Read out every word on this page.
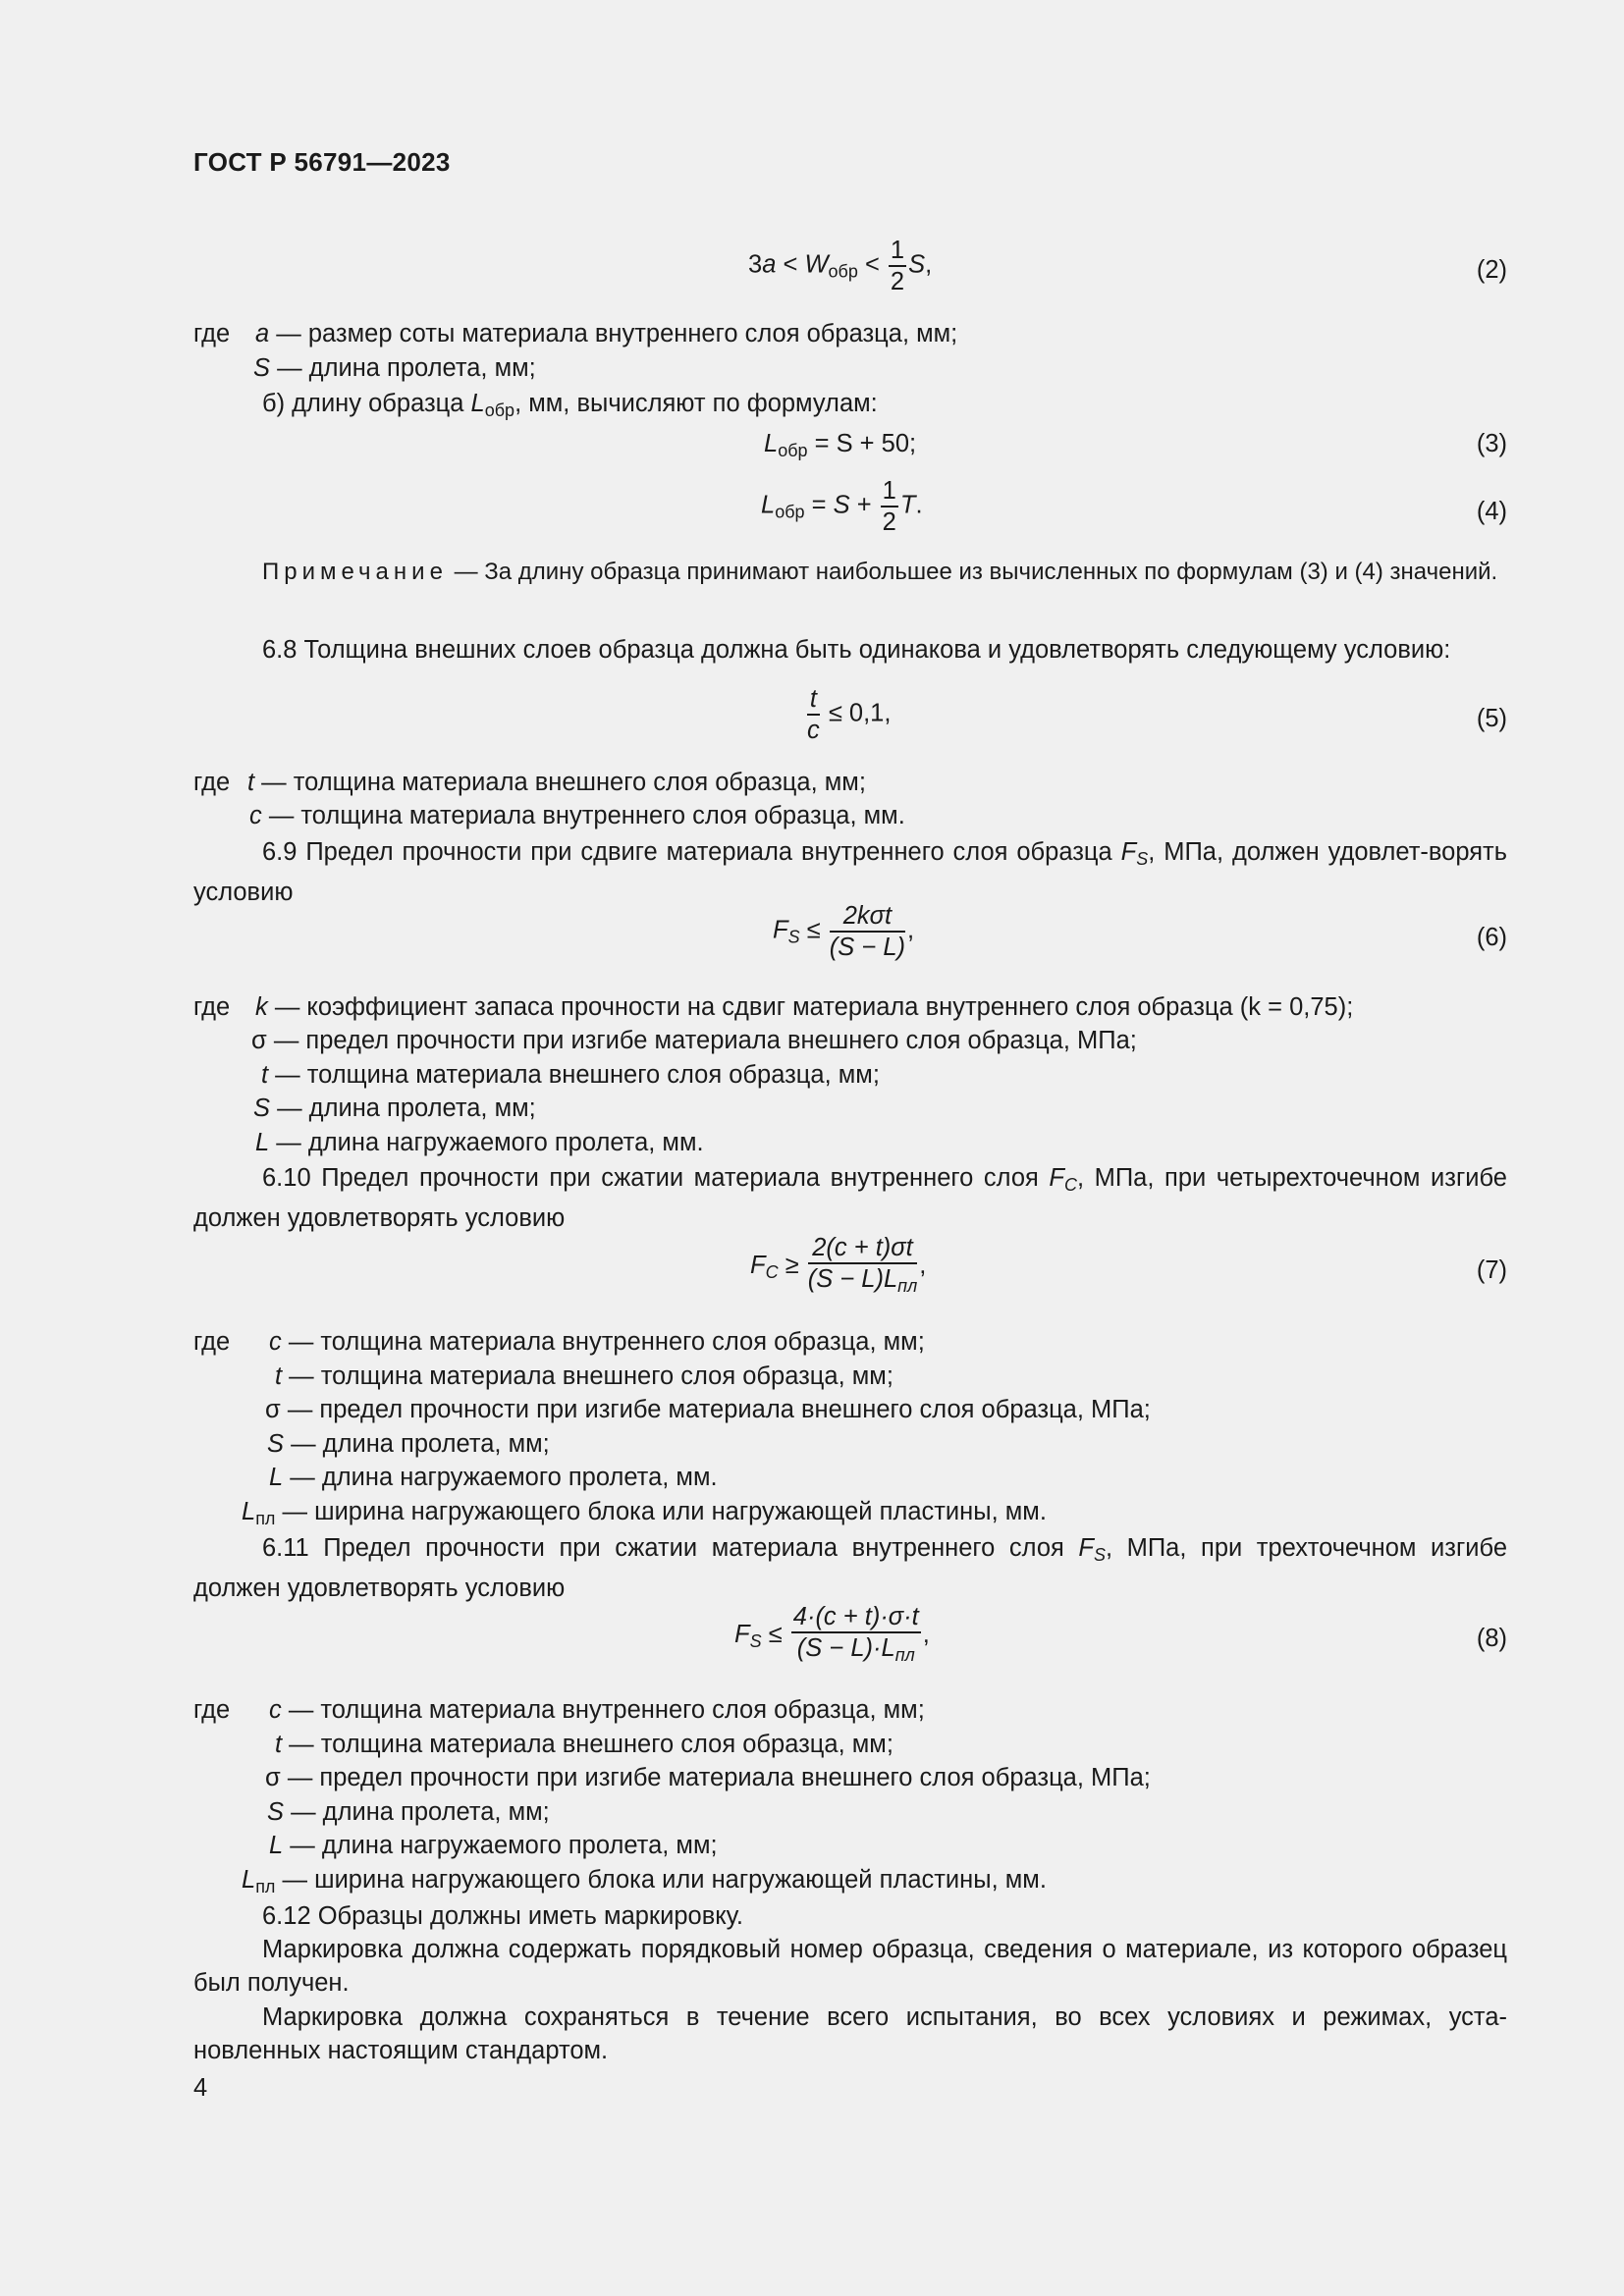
ГОСТ Р 56791—2023
$3a < W_{обр} < \frac{1}{2} S$,	(2)
где a — размер соты материала внутреннего слоя образца, мм;
S — длина пролета, мм;
б) длину образца $L_{обр}$, мм, вычисляют по формулам:
$L_{обр} = S + 50$;	(3)
$L_{обр} = S + \frac{1}{2} T$.	(4)
Примечание — За длину образца принимают наибольшее из вычисленных по формулам (3) и (4) значений.
6.8 Толщина внешних слоев образца должна быть одинакова и удовлетворять следующему условию:
$\frac{t}{c} \le 0,1$,	(5)
где t — толщина материала внешнего слоя образца, мм;
c — толщина материала внутреннего слоя образца, мм.
6.9 Предел прочности при сдвиге материала внутреннего слоя образца $F_S$, МПа, должен удовлет-ворять условию
$F_S \le \frac{\text{2kσt}}{(S - L)}$ ,	(6)
где k — коэффициент запаса прочности на сдвиг материала внутреннего слоя образца (k = 0,75);
σ — предел прочности при изгибе материала внешнего слоя образца, МПа;
t — толщина материала внешнего слоя образца, мм;
S — длина пролета, мм;
L — длина нагружаемого пролета, мм.
6.10 Предел прочности при сжатии материала внутреннего слоя $F_C$, МПа, при четырехточечном изгибе должен удовлетворять условию
$F_C \ge \frac{2(c + t)\sigma t}{(S - L)L_{пл}}$ ,	(7)
где c — толщина материала внутреннего слоя образца, мм;
t — толщина материала внешнего слоя образца, мм;
σ — предел прочности при изгибе материала внешнего слоя образца, МПа;
S — длина пролета, мм;
L — длина нагружаемого пролета, мм.
$L_{пл}$ — ширина нагружающего блока или нагружающей пластины, мм.
6.11 Предел прочности при сжатии материала внутреннего слоя $F_S$, МПа, при трехточечном изгибе должен удовлетворять условию
$F_S \le \frac{4\cdot(c + t)\cdot\sigma\cdot t}{(S - L)\cdot L_{пл}}$ ,	(8)
где c — толщина материала внутреннего слоя образца, мм;
t — толщина материала внешнего слоя образца, мм;
σ — предел прочности при изгибе материала внешнего слоя образца, МПа;
S — длина пролета, мм;
L — длина нагружаемого пролета, мм;
$L_{пл}$ — ширина нагружающего блока или нагружающей пластины, мм.
6.12 Образцы должны иметь маркировку.
Маркировка должна содержать порядковый номер образца, сведения о материале, из которого образец был получен.
Маркировка должна сохраняться в течение всего испытания, во всех условиях и режимах, уста-новленных настоящим стандартом.
4
